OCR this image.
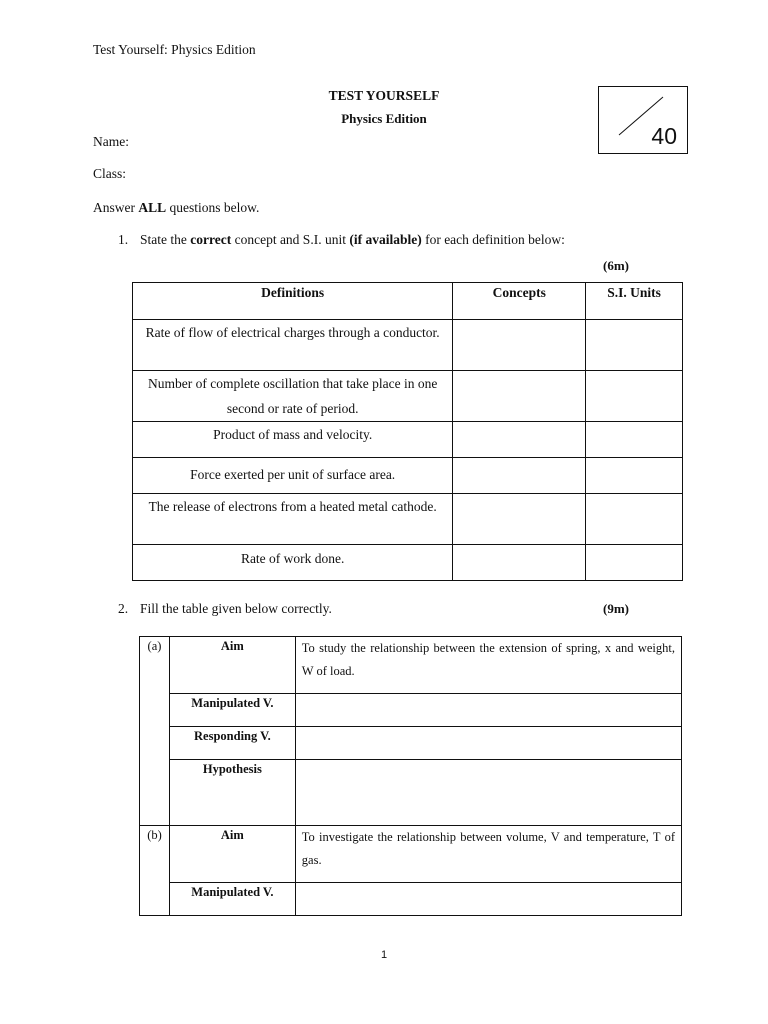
Test Yourself: Physics Edition
TEST YOURSELF
Physics Edition
40
Name:
Class:
Answer ALL questions below.
1. State the correct concept and S.I. unit (if available) for each definition below:
(6m)
Definitions	Concepts	S.I. Units
Rate of flow of electrical charges through a conductor.		
Number of complete oscillation that take place in one second or rate of period.		
Product of mass and velocity.		
Force exerted per unit of surface area.		
The release of electrons from a heated metal cathode.		
Rate of work done.		
2. Fill the table given below correctly.	(9m)
(a)	Aim	To study the relationship between the extension of spring, x and weight, W of load.
	Manipulated V.	
	Responding V.	
	Hypothesis	
(b)	Aim	To investigate the relationship between volume, V and temperature, T of gas.
	Manipulated V.	
1
